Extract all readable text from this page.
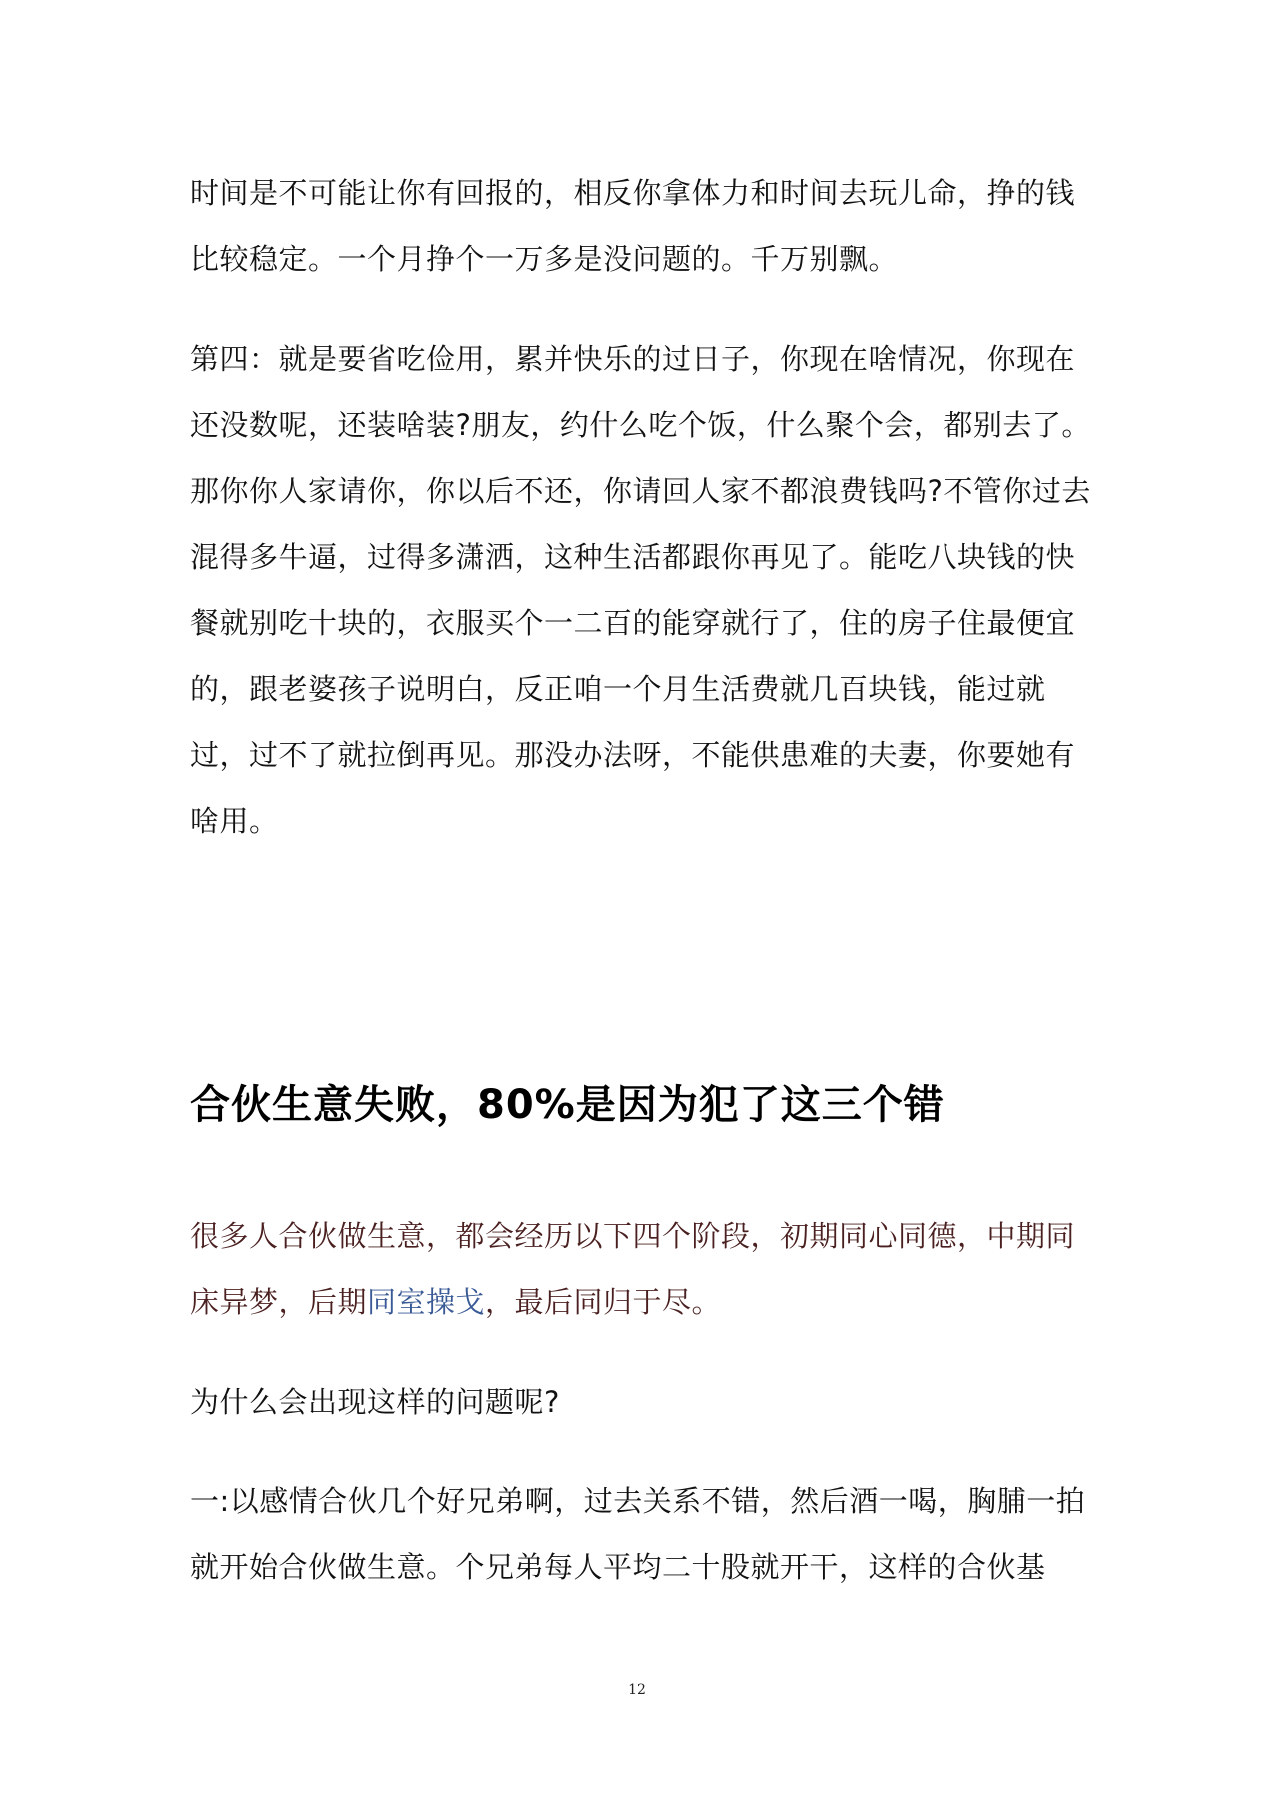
时间是不可能让你有回报的，相反你拿体力和时间去玩儿命，挣的钱比较稳定。一个月挣个一万多是没问题的。千万别飘。

第四：就是要省吃俭用，累并快乐的过日子，你现在啥情况，你现在还没数呢，还装啥装?朋友，约什么吃个饭，什么聚个会，都别去了。那你你人家请你，你以后不还，你请回人家不都浪费钱吗?不管你过去混得多牛逼，过得多潇洒，这种生活都跟你再见了。能吃八块钱的快餐就别吃十块的，衣服买个一二百的能穿就行了，住的房子住最便宜的，跟老婆孩子说明白，反正咱一个月生活费就几百块钱，能过就过，过不了就拉倒再见。那没办法呀，不能供患难的夫妻，你要她有啥用。

合伙生意失败，80%是因为犯了这三个错

很多人合伙做生意，都会经历以下四个阶段，初期同心同德，中期同床异梦，后期同室操戈，最后同归于尽。

为什么会出现这样的问题呢?

一:以感情合伙几个好兄弟啊，过去关系不错，然后酒一喝，胸脯一拍就开始合伙做生意。个兄弟每人平均二十股就开干，这样的合伙基

12
